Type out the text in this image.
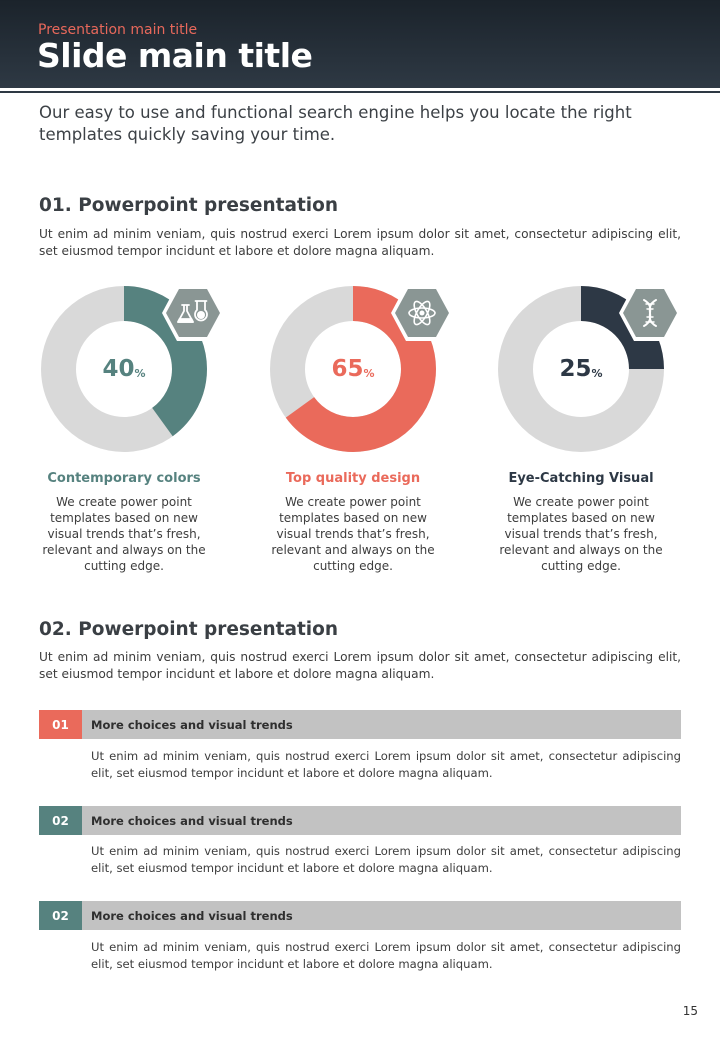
Presentation main title
Slide main title
Our easy to use and functional search engine helps you locate the right templates quickly saving your time.
01. Powerpoint presentation
Ut enim ad minim veniam, quis nostrud exerci Lorem ipsum dolor sit amet, consectetur adipiscing elit, set eiusmod tempor incidunt et labore et dolore magna aliquam.
40 %
Contemporary colors
We create power point templates based on new visual trends that’s fresh, relevant and always on the cutting edge.
65 %
Top quality design
We create power point templates based on new visual trends that’s fresh, relevant and always on the cutting edge.
25 %
Eye-Catching Visual
We create power point templates based on new visual trends that’s fresh, relevant and always on the cutting edge.
02. Powerpoint presentation
Ut enim ad minim veniam, quis nostrud exerci Lorem ipsum dolor sit amet, consectetur adipiscing elit, set eiusmod tempor incidunt et labore et dolore magna aliquam.
01	More choices and visual trends
Ut enim ad minim veniam, quis nostrud exerci Lorem ipsum dolor sit amet, consectetur adipiscing elit, set eiusmod tempor incidunt et labore et dolore magna aliquam.
02	More choices and visual trends
Ut enim ad minim veniam, quis nostrud exerci Lorem ipsum dolor sit amet, consectetur adipiscing elit, set eiusmod tempor incidunt et labore et dolore magna aliquam.
02	More choices and visual trends
Ut enim ad minim veniam, quis nostrud exerci Lorem ipsum dolor sit amet, consectetur adipiscing elit, set eiusmod tempor incidunt et labore et dolore magna aliquam.
15
